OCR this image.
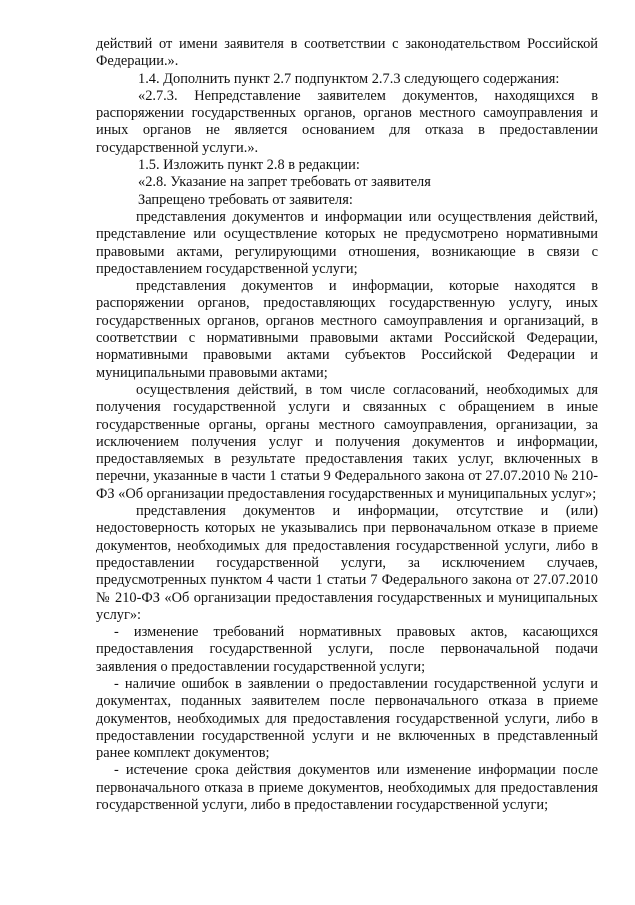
действий от имени заявителя в соответствии с законодательством Российской Федерации.».

1.4. Дополнить пункт 2.7 подпунктом 2.7.3 следующего содержания:

«2.7.3. Непредставление заявителем документов, находящихся в распоряжении государственных органов, органов местного самоуправления и иных органов не является основанием для отказа в предоставлении государственной услуги.».

1.5. Изложить пункт 2.8 в редакции:

«2.8. Указание на запрет требовать от заявителя

Запрещено требовать от заявителя:

представления документов и информации или осуществления действий, представление или осуществление которых не предусмотрено нормативными правовыми актами, регулирующими отношения, возникающие в связи с предоставлением государственной услуги;

представления документов и информации, которые находятся в распоряжении органов, предоставляющих государственную услугу, иных государственных органов, органов местного самоуправления и организаций, в соответствии с нормативными правовыми актами Российской Федерации, нормативными правовыми актами субъектов Российской Федерации и муниципальными правовыми актами;

осуществления действий, в том числе согласований, необходимых для получения государственной услуги и связанных с обращением в иные государственные органы, органы местного самоуправления, организации, за исключением получения услуг и получения документов и информации, предоставляемых в результате предоставления таких услуг, включенных в перечни, указанные в части 1 статьи 9 Федерального закона от 27.07.2010 № 210-ФЗ «Об организации предоставления государственных и муниципальных услуг»;

представления документов и информации, отсутствие и (или) недостоверность которых не указывались при первоначальном отказе в приеме документов, необходимых для предоставления государственной услуги, либо в предоставлении государственной услуги, за исключением случаев, предусмотренных пунктом 4 части 1 статьи 7 Федерального закона от 27.07.2010 № 210-ФЗ «Об организации предоставления государственных и муниципальных услуг»:

- изменение требований нормативных правовых актов, касающихся предоставления государственной услуги, после первоначальной подачи заявления о предоставлении государственной услуги;

- наличие ошибок в заявлении о предоставлении государственной услуги и документах, поданных заявителем после первоначального отказа в приеме документов, необходимых для предоставления государственной услуги, либо в предоставлении государственной услуги и не включенных в представленный ранее комплект документов;

- истечение срока действия документов или изменение информации после первоначального отказа в приеме документов, необходимых для предоставления государственной услуги, либо в предоставлении государственной услуги;
